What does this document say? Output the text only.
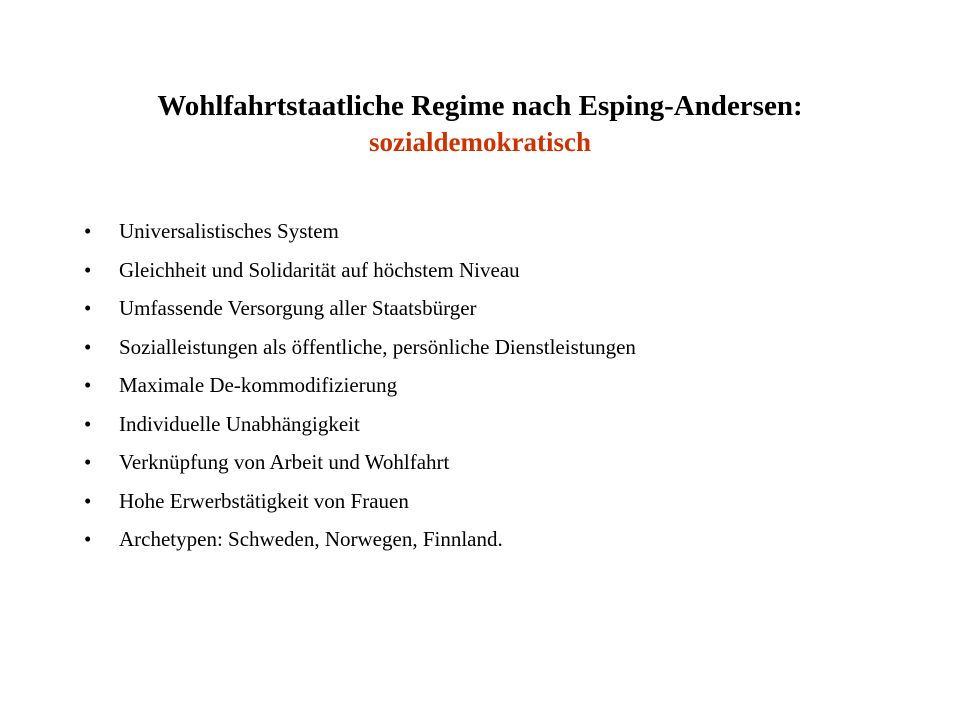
Wohlfahrtstaatliche Regime nach Esping-Andersen:
sozialdemokratisch
•	Universalistisches System
•	Gleichheit und Solidarität auf höchstem Niveau
•	Umfassende Versorgung aller Staatsbürger
•	Sozialleistungen als öffentliche, persönliche Dienstleistungen
•	Maximale De-kommodifizierung
•	Individuelle Unabhängigkeit
•	Verknüpfung von Arbeit und Wohlfahrt
•	Hohe Erwerbstätigkeit von Frauen
•	Archetypen: Schweden, Norwegen, Finnland.
